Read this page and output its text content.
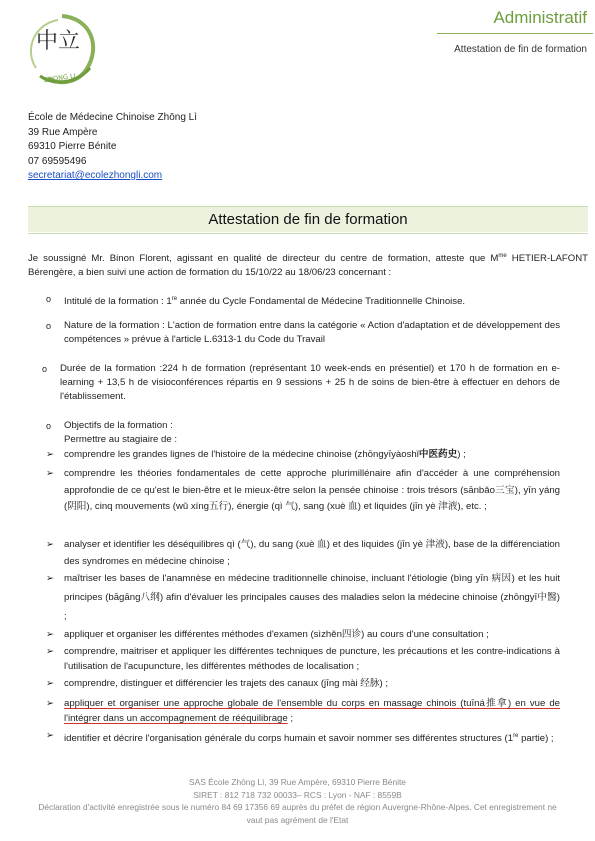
中立
ZHONG LI
Administratif
Attestation de fin de formation
École de Médecine Chinoise Zhōng Lì
39 Rue Ampère
69310 Pierre Bénite
07 69595496
secretariat@ecolezhongli.com
Attestation de fin de formation
Je soussigné Mr. Binon Florent, agissant en qualité de directeur du centre de formation, atteste que $M^{me}$ HETIER-LAFONT Bérengère, a bien suivi une action de formation du 15/10/22 au 18/06/23 concernant :
o Intitulé de la formation : 1re année du Cycle Fondamental de Médecine Traditionnelle Chinoise.
o Nature de la formation : L'action de formation entre dans la catégorie « Action d'adaptation et de développement des compétences » prévue à l'article L.6313-1 du Code du Travail
o Durée de la formation :224 h de formation (représentant 10 week-ends en présentiel) et 170 h de formation en e-learning + 13,5 h de visioconférences répartis en 9 sessions + 25 h de soins de bien-être à effectuer en dehors de l'établissement.
o Objectifs de la formation :
Permettre au stagiaire de :
➢ comprendre les grandes lignes de l'histoire de la médecine chinoise (zhōngyīyàoshǐ中医药史) ;
➢ comprendre les théories fondamentales de cette approche plurimillénaire afin d'accéder à une compréhension approfondie de ce qu'est le bien-être et le mieux-être selon la pensée chinoise : trois trésors (sānbǎo三宝), yīn yáng (阴阳), cinq mouvements (wǔ xíng五行), énergie (qì 气), sang (xuè 血) et liquides (jīn yè 津液), etc. ;
➢ analyser et identifier les déséquilibres qì (气), du sang (xuè 血) et des liquides (jīn yè 津液), base de la différenciation des syndromes en médecine chinoise ;
➢ maîtriser les bases de l'anamnèse en médecine traditionnelle chinoise, incluant l'étiologie (bìng yīn 病因) et les huit principes (bāgāng八纲) afin d'évaluer les principales causes des maladies selon la médecine chinoise (zhōngyī中醫) ;
➢ appliquer et organiser les différentes méthodes d'examen (sìzhěn四诊) au cours d'une consultation ;
➢ comprendre, maitriser et appliquer les différentes techniques de puncture, les précautions et les contre-indications à l'utilisation de l'acupuncture, les différentes méthodes de localisation ;
➢ comprendre, distinguer et différencier les trajets des canaux (jīng mài 经脉) ;
➢ appliquer et organiser une approche globale de l'ensemble du corps en massage chinois (tuīná推拿) en vue de l'intégrer dans un accompagnement de rééquilibrage ;
➢ identifier et décrire l'organisation générale du corps humain et savoir nommer ses différentes structures (1re partie) ;
SAS École Zhōng Lì, 39 Rue Ampère, 69310 Pierre Bénite
SIRET : 812 718 732 00033– RCS : Lyon - NAF : 8559B
Déclaration d'activité enregistrée sous le numéro 84 69 17356 69 auprès du préfet de région Auvergne-Rhône-Alpes. Cet enregistrement ne vaut pas agrément de l'Etat
